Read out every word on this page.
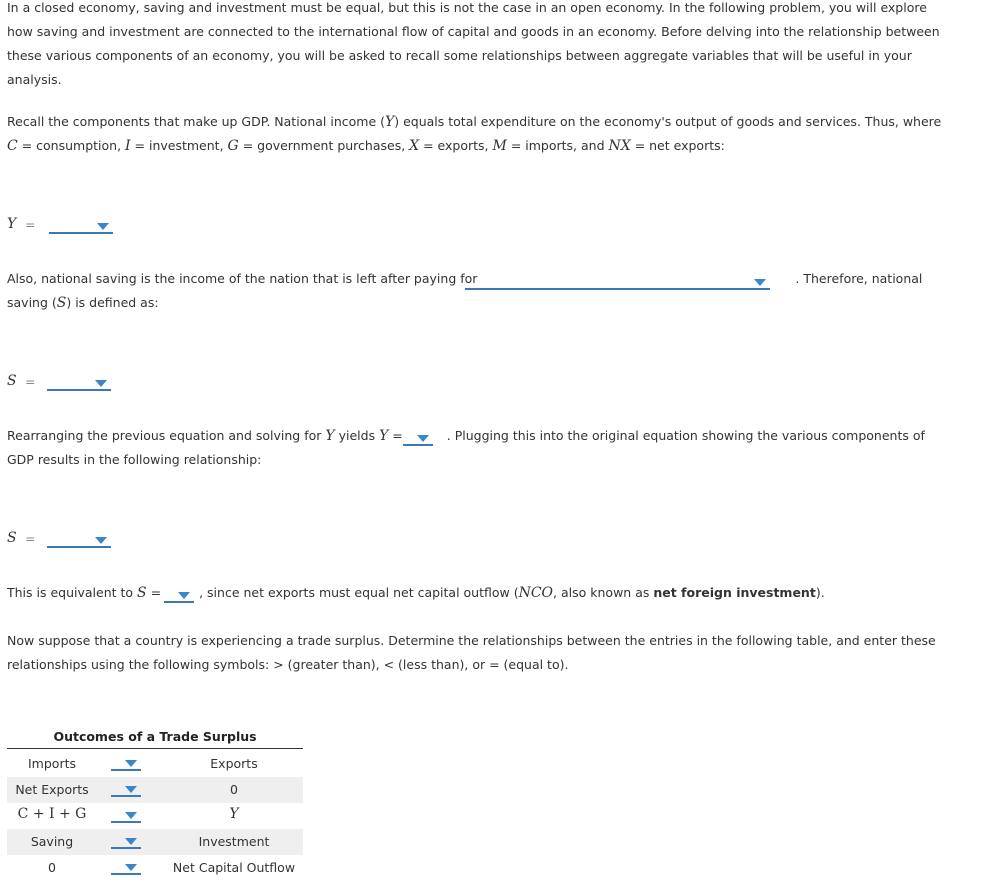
In a closed economy, saving and investment must be equal, but this is not the case in an open economy. In the following problem, you will explore
how saving and investment are connected to the international flow of capital and goods in an economy. Before delving into the relationship between
these various components of an economy, you will be asked to recall some relationships between aggregate variables that will be useful in your
analysis.

Recall the components that make up GDP. National income (Y) equals total expenditure on the economy's output of goods and services. Thus, where
C = consumption, I = investment, G = government purchases, X = exports, M = imports, and NX = net exports:

Y =

Also, national saving is the income of the nation that is left after paying for	. Therefore, national
saving (S) is defined as:

S =

Rearranging the previous equation and solving for Y yields Y =	. Plugging this into the original equation showing the various components of
GDP results in the following relationship:

S =

This is equivalent to S =	, since net exports must equal net capital outflow (NCO, also known as net foreign investment).

Now suppose that a country is experiencing a trade surplus. Determine the relationships between the entries in the following table, and enter these
relationships using the following symbols: > (greater than), < (less than), or = (equal to).

Outcomes of a Trade Surplus
Imports	Exports
Net Exports	0
C + I + G	Y
Saving	Investment
0	Net Capital Outflow
